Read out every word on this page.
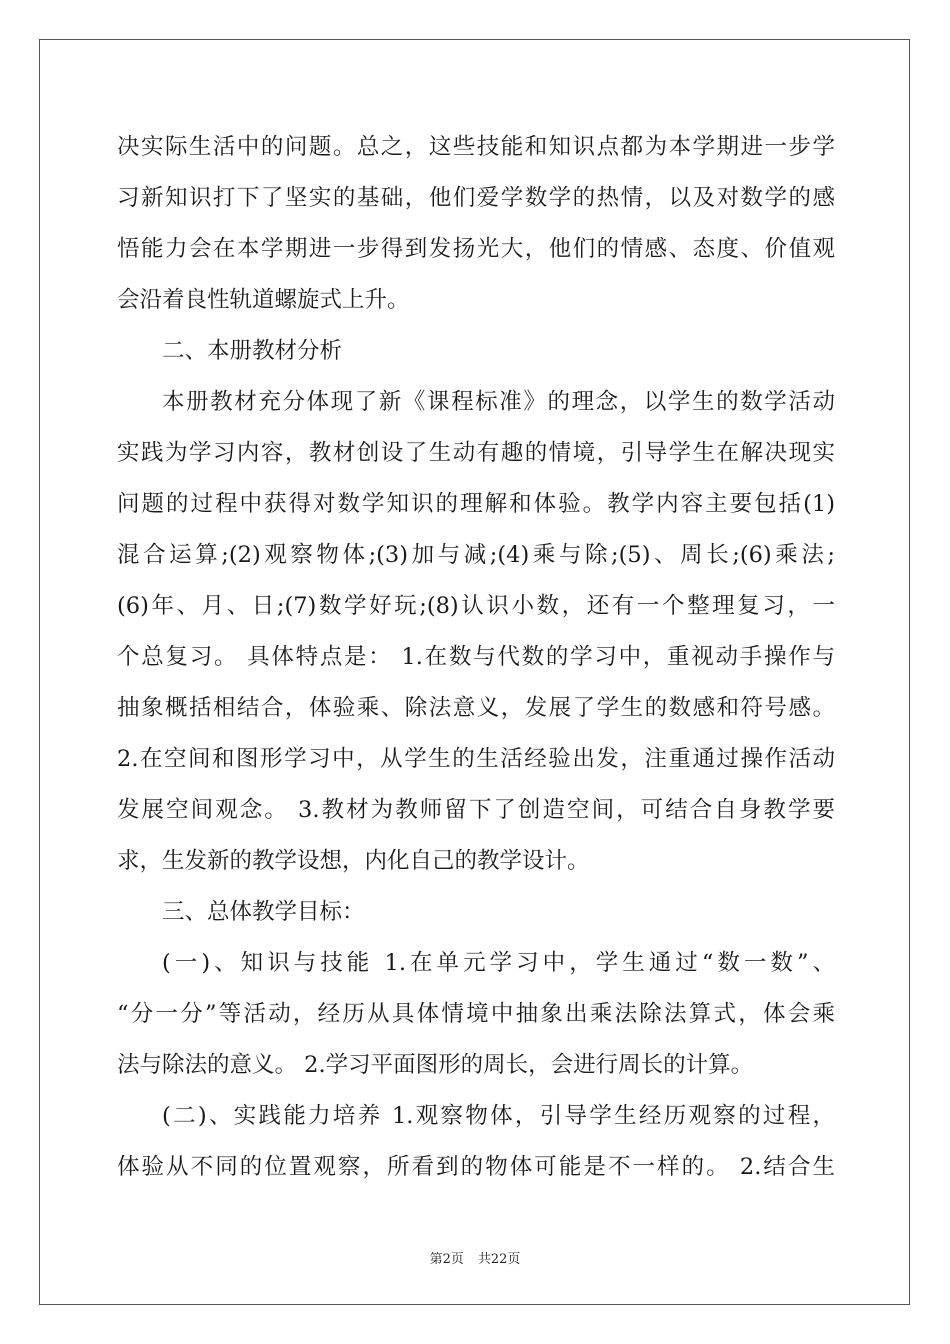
决实际生活中的问题。总之，这些技能和知识点都为本学期进一步学
习新知识打下了坚实的基础，他们爱学数学的热情，以及对数学的感
悟能力会在本学期进一步得到发扬光大，他们的情感、态度、价值观
会沿着良性轨道螺旋式上升。
二、本册教材分析
本册教材充分体现了新《课程标准》的理念，以学生的数学活动
实践为学习内容，教材创设了生动有趣的情境，引导学生在解决现实
问题的过程中获得对数学知识的理解和体验。教学内容主要包括(1)
混合运算;(2)观察物体;(3)加与减;(4)乘与除;(5)、周长;(6)乘法;
(6)年、月、日;(7)数学好玩;(8)认识小数，还有一个整理复习，一
个总复习。 具体特点是： 1.在数与代数的学习中，重视动手操作与
抽象概括相结合，体验乘、除法意义，发展了学生的数感和符号感。
2.在空间和图形学习中，从学生的生活经验出发，注重通过操作活动
发展空间观念。 3.教材为教师留下了创造空间，可结合自身教学要
求，生发新的教学设想，内化自己的教学设计。
三、总体教学目标：
(一)、知识与技能 1.在单元学习中，学生通过“数一数”、
“分一分”等活动，经历从具体情境中抽象出乘法除法算式，体会乘
法与除法的意义。 2.学习平面图形的周长，会进行周长的计算。
(二)、实践能力培养 1.观察物体，引导学生经历观察的过程，
体验从不同的位置观察，所看到的物体可能是不一样的。 2.结合生
第2页 共22页
